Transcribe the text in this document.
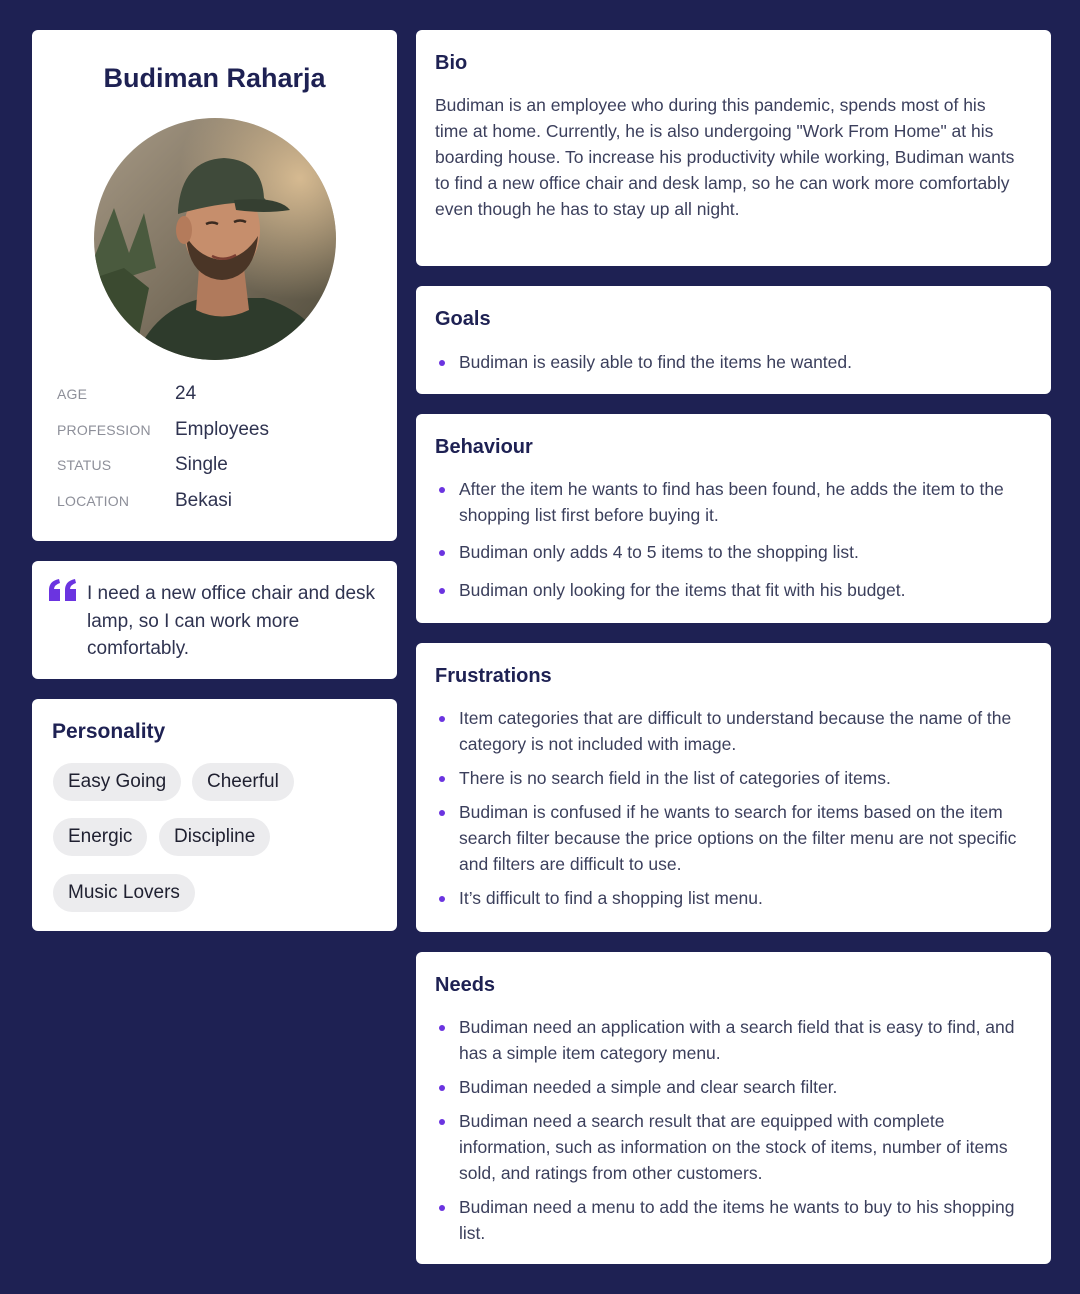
Budiman Raharja
AGE	24
PROFESSION	Employees
STATUS	Single
LOCATION	Bekasi
I need a new office chair and desk lamp, so I can work more comfortably.
Personality
Easy Going	Cheerful
Energic	Discipline
Music Lovers
Bio
Budiman is an employee who during this pandemic, spends most of his time at home. Currently, he is also undergoing "Work From Home" at his boarding house. To increase his productivity while working, Budiman wants to find a new office chair and desk lamp, so he can work more comfortably even though he has to stay up all night.
Goals
Budiman is easily able to find the items he wanted.
Behaviour
After the item he wants to find has been found, he adds the item to the shopping list first before buying it.
Budiman only adds 4 to 5 items to the shopping list.
Budiman only looking for the items that fit with his budget.
Frustrations
Item categories that are difficult to understand because the name of the category is not included with image.
There is no search field in the list of categories of items.
Budiman is confused if he wants to search for items based on the item search filter because the price options on the filter menu are not specific and filters are difficult to use.
It’s difficult to find a shopping list menu.
Needs
Budiman need an application with a search field that is easy to find, and has a simple item category menu.
Budiman needed a simple and clear search filter.
Budiman need a search result that are equipped with complete information, such as information on the stock of items, number of items sold, and ratings from other customers.
Budiman need a menu to add the items he wants to buy to his shopping list.
